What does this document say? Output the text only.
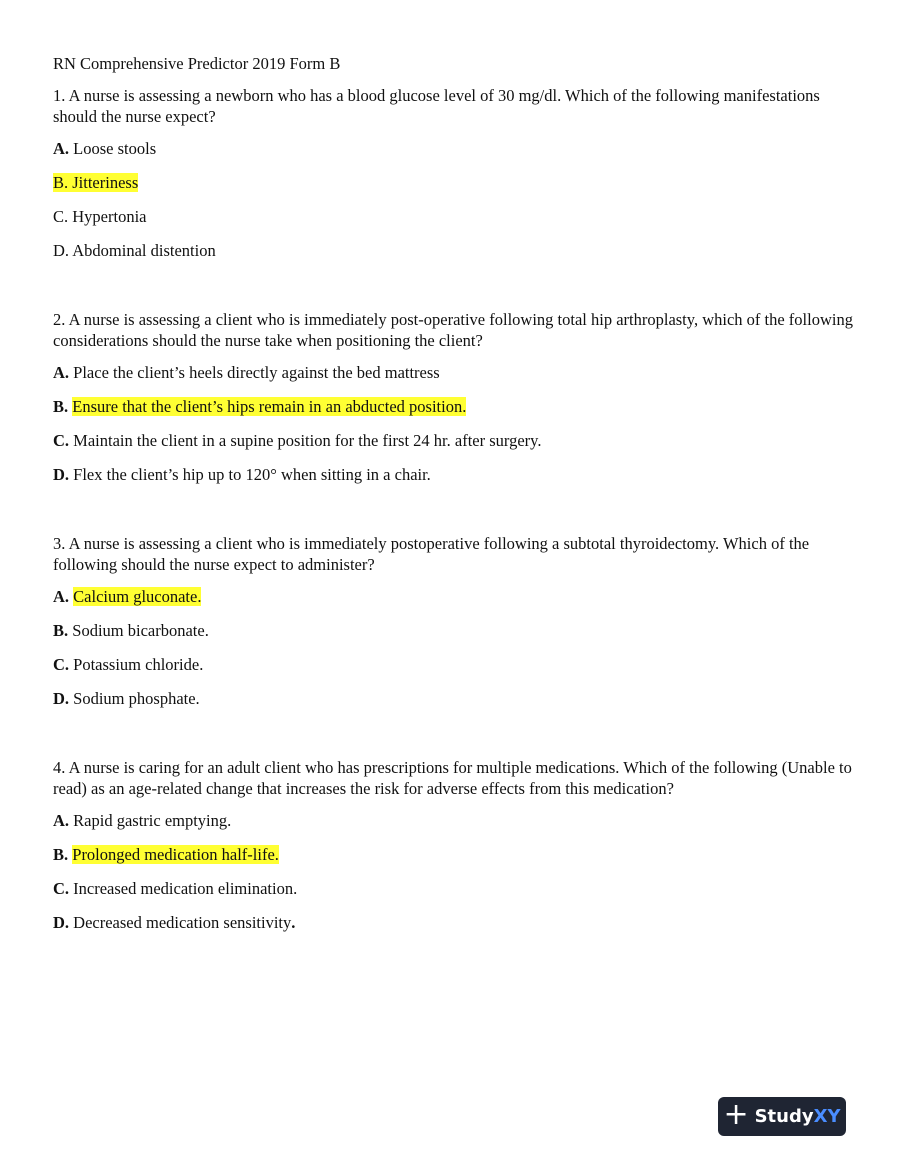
RN Comprehensive Predictor 2019 Form B

1. A nurse is assessing a newborn who has a blood glucose level of 30 mg/dl. Which of the following manifestations should the nurse expect?

A. Loose stools

B. Jitteriness

C. Hypertonia

D. Abdominal distention

2. A nurse is assessing a client who is immediately post-operative following total hip arthroplasty, which of the following considerations should the nurse take when positioning the client?

A. Place the client’s heels directly against the bed mattress

B. Ensure that the client’s hips remain in an abducted position.

C. Maintain the client in a supine position for the first 24 hr. after surgery.

D. Flex the client’s hip up to 120° when sitting in a chair.

3. A nurse is assessing a client who is immediately postoperative following a subtotal thyroidectomy. Which of the following should the nurse expect to administer?

A. Calcium gluconate.

B. Sodium bicarbonate.

C. Potassium chloride.

D. Sodium phosphate.

4. A nurse is caring for an adult client who has prescriptions for multiple medications. Which of the following (Unable to read) as an age-related change that increases the risk for adverse effects from this medication?

A. Rapid gastric emptying.

B. Prolonged medication half-life.

C. Increased medication elimination.

D. Decreased medication sensitivity.

+ Study XY
